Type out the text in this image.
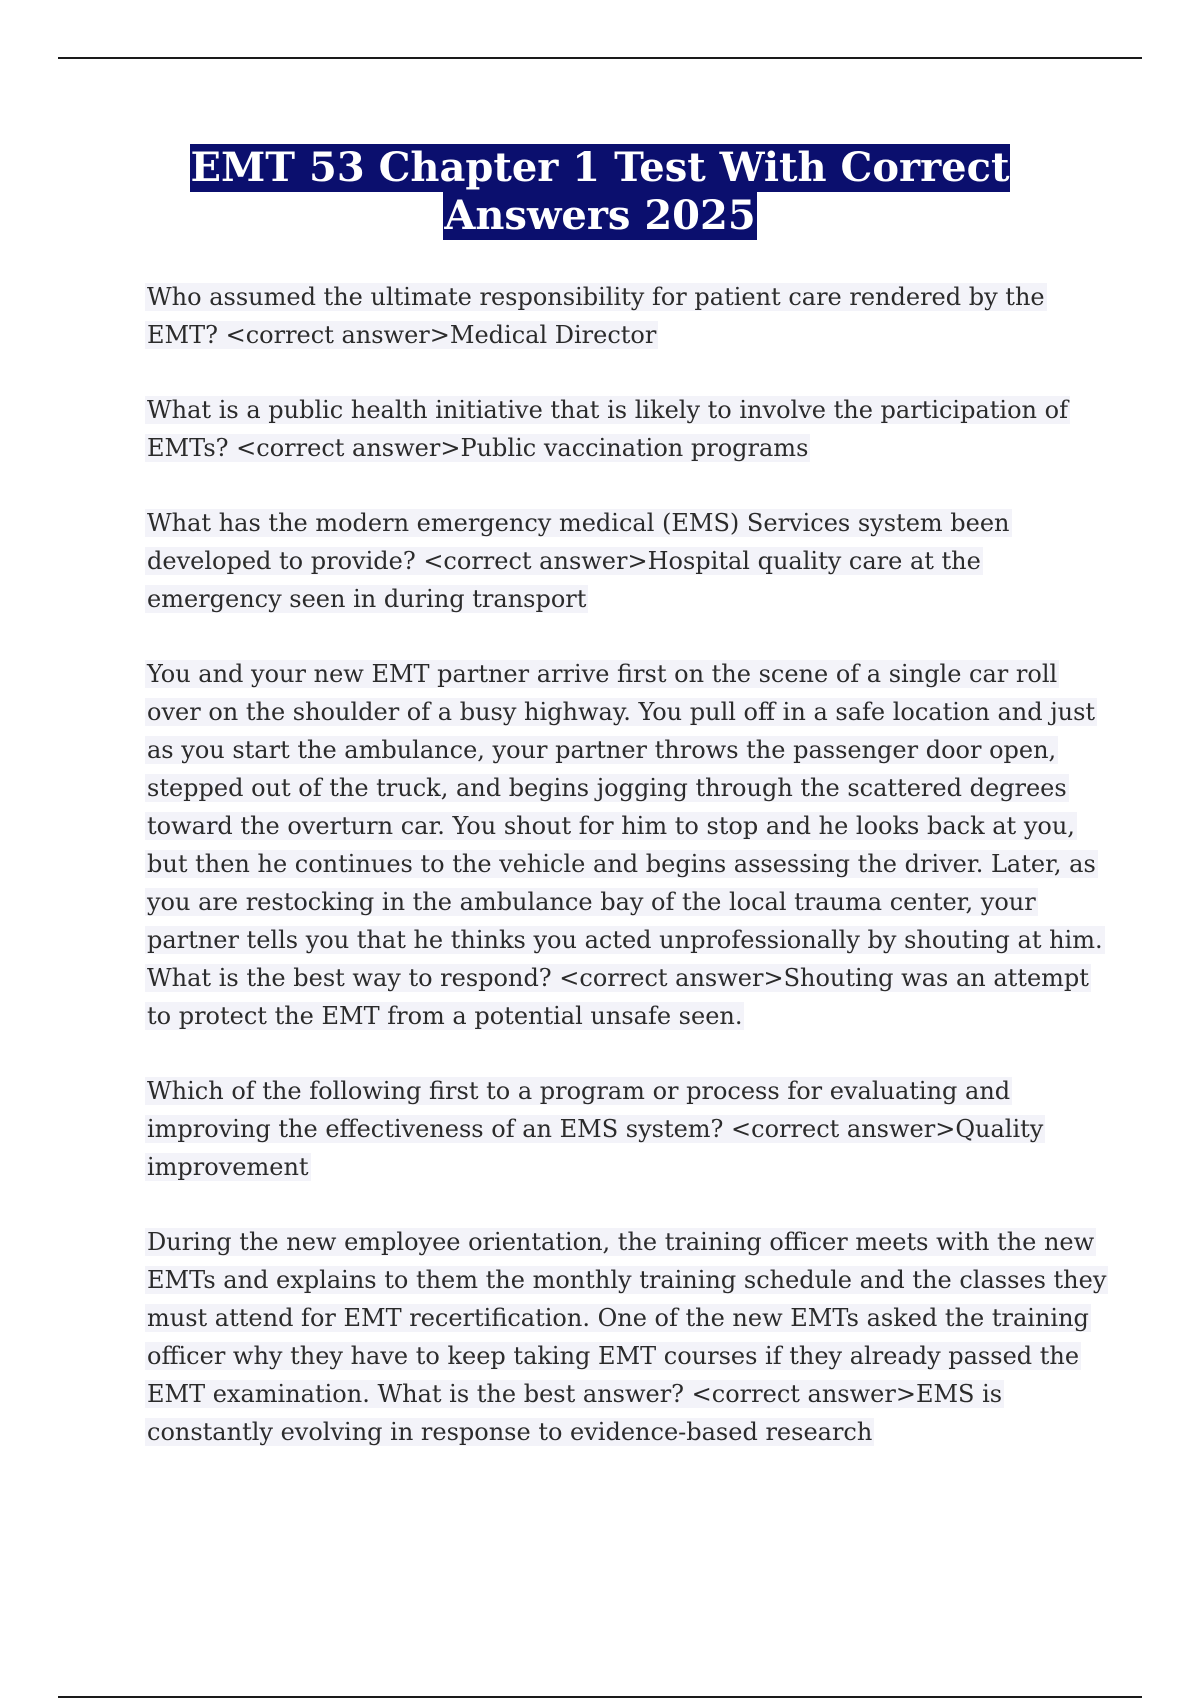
EMT 53 Chapter 1 Test With Correct
Answers 2025
Who assumed the ultimate responsibility for patient care rendered by the
EMT? <correct answer>Medical Director
What is a public health initiative that is likely to involve the participation of
EMTs? <correct answer>Public vaccination programs
What has the modern emergency medical (EMS) Services system been
developed to provide? <correct answer>Hospital quality care at the
emergency seen in during transport
You and your new EMT partner arrive first on the scene of a single car roll
over on the shoulder of a busy highway. You pull off in a safe location and just
as you start the ambulance, your partner throws the passenger door open,
stepped out of the truck, and begins jogging through the scattered degrees
toward the overturn car. You shout for him to stop and he looks back at you,
but then he continues to the vehicle and begins assessing the driver. Later, as
you are restocking in the ambulance bay of the local trauma center, your
partner tells you that he thinks you acted unprofessionally by shouting at him.
What is the best way to respond? <correct answer>Shouting was an attempt
to protect the EMT from a potential unsafe seen.
Which of the following first to a program or process for evaluating and
improving the effectiveness of an EMS system? <correct answer>Quality
improvement
During the new employee orientation, the training officer meets with the new
EMTs and explains to them the monthly training schedule and the classes they
must attend for EMT recertification. One of the new EMTs asked the training
officer why they have to keep taking EMT courses if they already passed the
EMT examination. What is the best answer? <correct answer>EMS is
constantly evolving in response to evidence-based research
